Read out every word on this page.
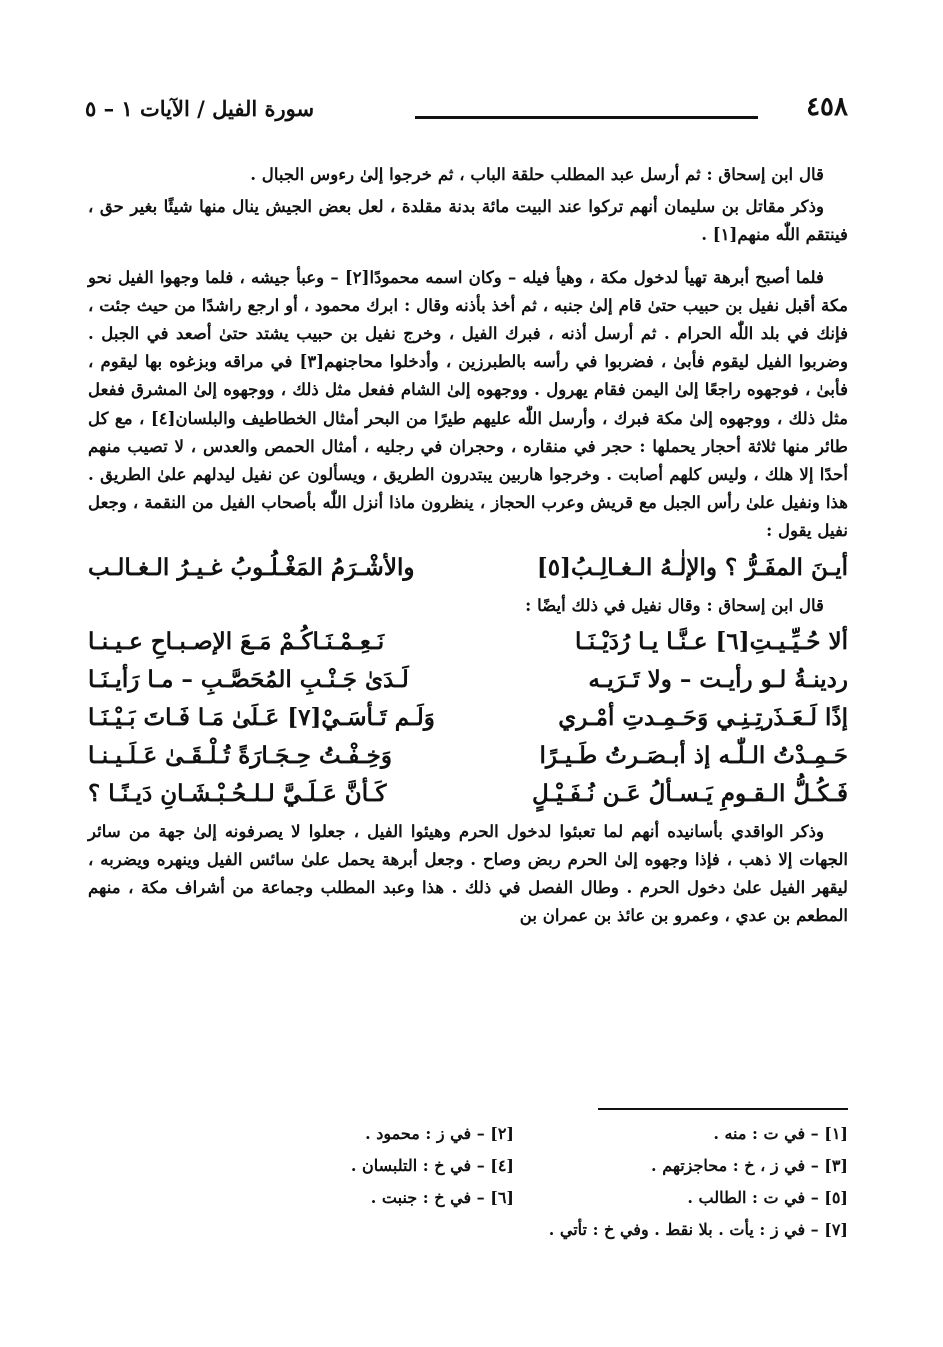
٤٥٨
سورة الفيل / الآيات ١ – ٥

قال ابن إسحاق : ثم أرسل عبد المطلب حلقة الباب ، ثم خرجوا إلىٰ رءوس الجبال .

وذكر مقاتل بن سليمان أنهم تركوا عند البيت مائة بدنة مقلدة ، لعل بعض الجيش ينال منها شيئًا بغير حق ، فينتقم اللّٰه منهم[١] .

فلما أصبح أبرهة تهيأ لدخول مكة ، وهيأ فيله – وكان اسمه محمودًا[٢] – وعبأ جيشه ، فلما وجهوا الفيل نحو مكة أقبل نفيل بن حبيب حتىٰ قام إلىٰ جنبه ، ثم أخذ بأذنه وقال : ابرك محمود ، أو ارجع راشدًا من حيث جئت ، فإنك في بلد اللّٰه الحرام . ثم أرسل أذنه ، فبرك الفيل ، وخرج نفيل بن حبيب يشتد حتىٰ أصعد في الجبل . وضربوا الفيل ليقوم فأبىٰ ، فضربوا في رأسه بالطبرزين ، وأدخلوا محاجنهم[٣] في مراقه وبزغوه بها ليقوم ، فأبىٰ ، فوجهوه راجعًا إلىٰ اليمن فقام يهرول . ووجهوه إلىٰ الشام ففعل مثل ذلك ، ووجهوه إلىٰ المشرق ففعل مثل ذلك ، ووجهوه إلىٰ مكة فبرك ، وأرسل اللّٰه عليهم طيرًا من البحر أمثال الخطاطيف والبلسان[٤] ، مع كل طائر منها ثلاثة أحجار يحملها : حجر في منقاره ، وحجران في رجليه ، أمثال الحمص والعدس ، لا تصيب منهم أحدًا إلا هلك ، وليس كلهم أصابت . وخرجوا هاربين يبتدرون الطريق ، ويسألون عن نفيل ليدلهم علىٰ الطريق . هذا ونفيل علىٰ رأس الجبل مع قريش وعرب الحجاز ، ينظرون ماذا أنزل اللّٰه بأصحاب الفيل من النقمة ، وجعل نفيل يقول :

أيـنَ المفَـرُّ ؟ والإلٰـهُ الـغـالِـبُ[٥]
والأشْـرَمُ المَغْـلُـوبُ غـيـرُ الـغـالـب

قال ابن إسحاق : وقال نفيل في ذلك أيضًا :

ألا حُـيِّـيـتِ[٦] عـنَّـا يـا رُدَيْـنَـا
نَـعِـمْـنَـاكُـمْ مَـعَ الإصـبـاحِ عـيـنـا
ردينـةُ لـو رأيـت – ولا تَـرَيـه
لَـدَىٰ جَـنْـبِ المُحَصَّـبِ – مـا رَأيـنَـا
إذًا لَـعَـذَرتِـنِـي وَحَـمِـدتِ أمْـري
وَلَـم تَـأسَـيْ[٧] عَـلَىٰ مَـا فَـاتَ بَـيْـنَـا
حَـمِـدْتُ الـلّٰـه إذ أبـصَـرتُ طَـيـرًا
وَخِـفْـتُ حِـجَـارَةً تُـلْـقَـىٰ عَـلَـيـنـا
فَـكُـلُّ الـقـومِ يَـسـألُ عَـن نُـفَـيْـلٍ
كَـأنَّ عَـلَـيَّ لـلـحُـبْـشَـانِ دَيـنًـا ؟

وذكر الواقدي بأسانيده أنهم لما تعبئوا لدخول الحرم وهيئوا الفيل ، جعلوا لا يصرفونه إلىٰ جهة من سائر الجهات إلا ذهب ، فإذا وجهوه إلىٰ الحرم ربض وصاح . وجعل أبرهة يحمل علىٰ سائس الفيل وينهره ويضربه ، ليقهر الفيل علىٰ دخول الحرم . وطال الفصل في ذلك . هذا وعبد المطلب وجماعة من أشراف مكة ، منهم المطعم بن عدي ، وعمرو بن عائذ بن عمران بن

[١] – في ت : منه .
[٢] – في ز : محمود .
[٣] – في ز ، خ : محاجزتهم .
[٤] – في خ : التلبسان .
[٥] – في ت : الطالب .
[٦] – في خ : جنبت .
[٧] – في ز : يأت . بلا نقط . وفي خ : تأتي .
